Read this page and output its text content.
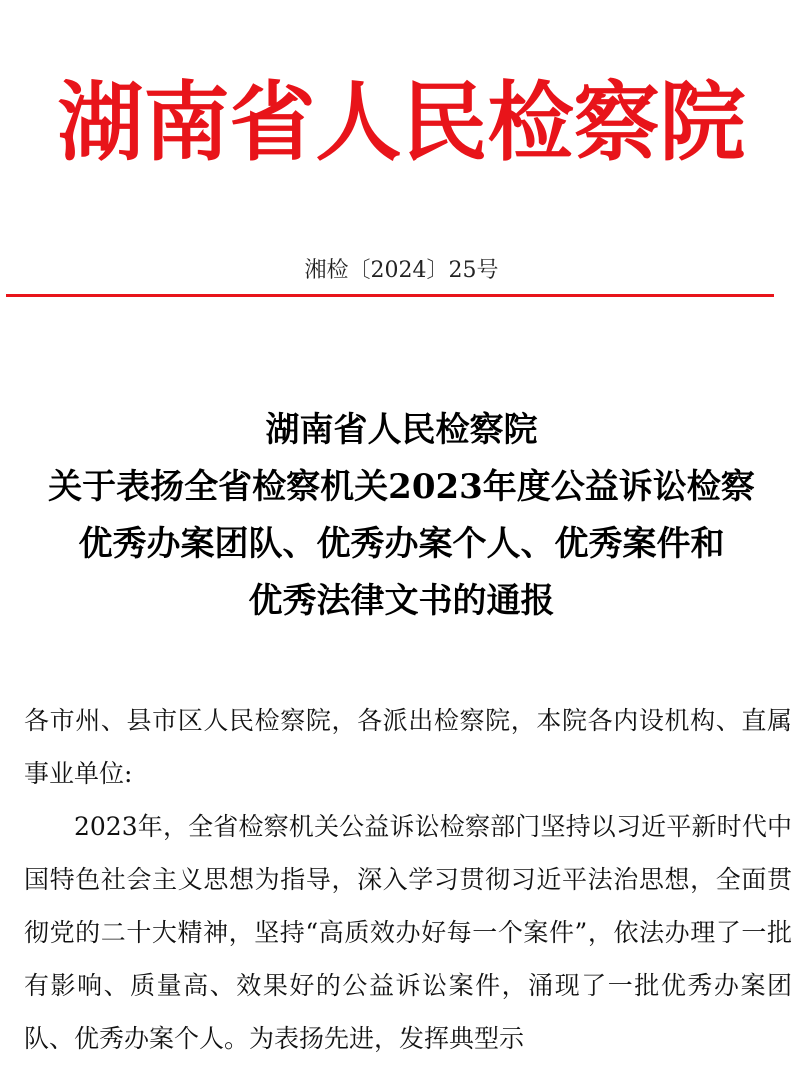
湖南省人民检察院
湘检〔2024〕25号
湖南省人民检察院
关于表扬全省检察机关2023年度公益诉讼检察
优秀办案团队、优秀办案个人、优秀案件和
优秀法律文书的通报

各市州、县市区人民检察院，各派出检察院，本院各内设机构、直属事业单位:

2023年，全省检察机关公益诉讼检察部门坚持以习近平新时代中国特色社会主义思想为指导，深入学习贯彻习近平法治思想，全面贯彻党的二十大精神，坚持“高质效办好每一个案件”，依法办理了一批有影响、质量高、效果好的公益诉讼案件，涌现了一批优秀办案团队、优秀办案个人。为表扬先进，发挥典型示
